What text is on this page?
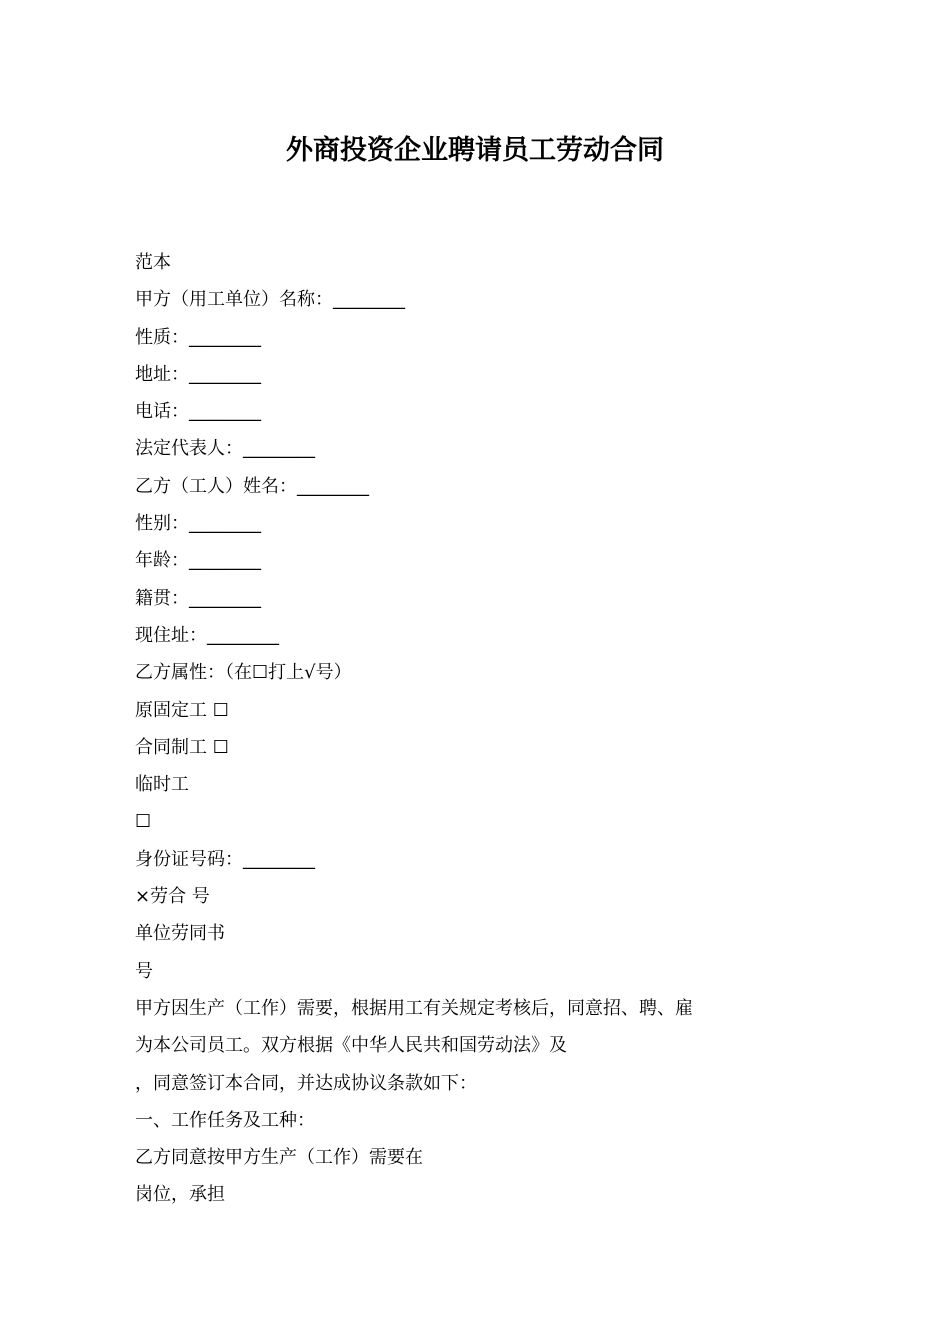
外商投资企业聘请员工劳动合同
范本
甲方（用工单位）名称：________
性质：________
地址：________
电话：________
法定代表人：________
乙方（工人）姓名：________
性别：________
年龄：________
籍贯：________
现住址：________
乙方属性：（在☐打上√号）
原固定工 ☐
合同制工 ☐
临时工
☐
身份证号码：________
×劳合 号
单位劳同书
号
甲方因生产（工作）需要，根据用工有关规定考核后，同意招、聘、雇
为本公司员工。双方根据《中华人民共和国劳动法》及
，同意签订本合同，并达成协议条款如下：
一、工作任务及工种：
乙方同意按甲方生产（工作）需要在
岗位，承担
